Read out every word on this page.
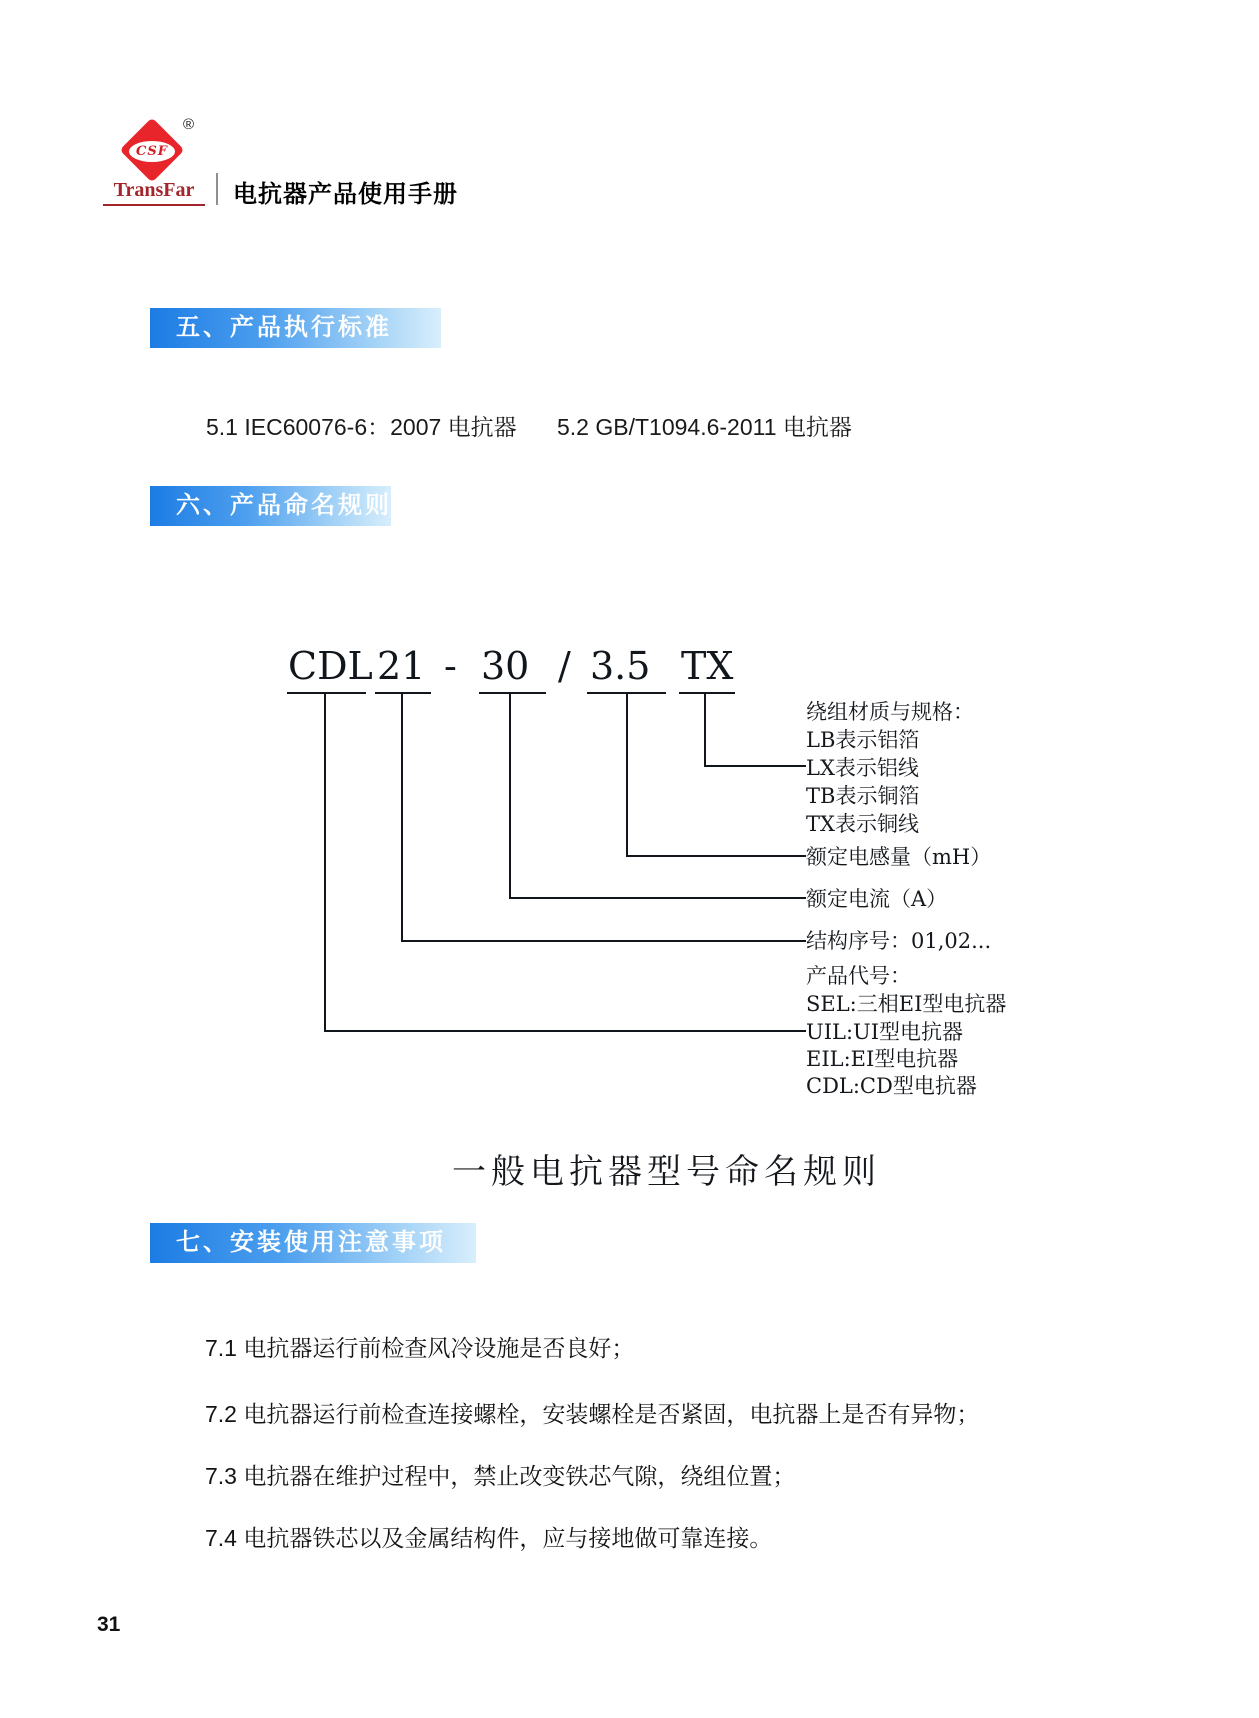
CSF
®
TransFar	电抗器产品使用手册
五、产品执行标准
5.1 IEC60076-6：2007 电抗器 5.2 GB/T1094.6-2011 电抗器
六、产品命名规则
CDL 21 - 30 / 3.5 TX
绕组材质与规格：
LB表示铝箔
LX表示铝线
TB表示铜箔
TX表示铜线
额定电感量（mH）
额定电流（A）
结构序号：01,02...
产品代号：
SEL:三相EI型电抗器
UIL:UI型电抗器
EIL:EI型电抗器
CDL:CD型电抗器
一般电抗器型号命名规则
七、安装使用注意事项
7.1 电抗器运行前检查风冷设施是否良好；
7.2 电抗器运行前检查连接螺栓，安装螺栓是否紧固，电抗器上是否有异物；
7.3 电抗器在维护过程中，禁止改变铁芯气隙，绕组位置；
7.4 电抗器铁芯以及金属结构件，应与接地做可靠连接。
31
